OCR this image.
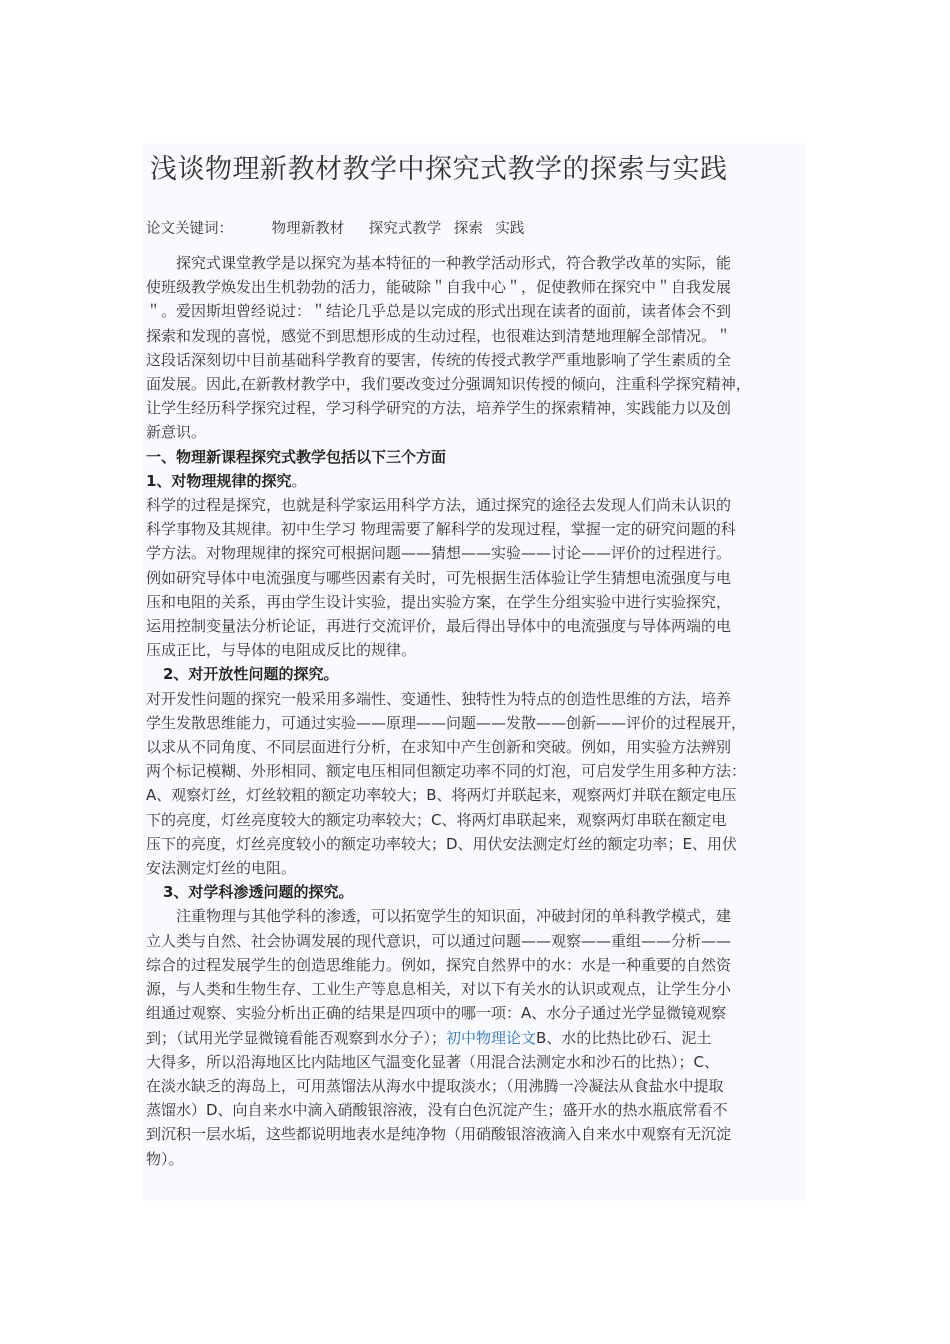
浅谈物理新教材教学中探究式教学的探索与实践
论文关键词：	物理新教材 探究式教学 探索 实践

　　探究式课堂教学是以探究为基本特征的一种教学活动形式，符合教学改革的实际，能
使班级教学焕发出生机勃勃的活力，能破除＂自我中心＂，促使教师在探究中＂自我发展
＂。爱因斯坦曾经说过：＂结论几乎总是以完成的形式出现在读者的面前，读者体会不到
探索和发现的喜悦，感觉不到思想形成的生动过程，也很难达到清楚地理解全部情况。＂
这段话深刻切中目前基础科学教育的要害，传统的传授式教学严重地影响了学生素质的全
面发展。因此,在新教材教学中，我们要改变过分强调知识传授的倾向，注重科学探究精神，
让学生经历科学探究过程，学习科学研究的方法，培养学生的探索精神，实践能力以及创
新意识。

一、物理新课程探究式教学包括以下三个方面
1、对物理规律的探究。

科学的过程是探究，也就是科学家运用科学方法，通过探究的途径去发现人们尚未认识的
科学事物及其规律。初中生学习 物理需要了解科学的发现过程，掌握一定的研究问题的科
学方法。对物理规律的探究可根据问题——猜想——实验——讨论——评价的过程进行。
例如研究导体中电流强度与哪些因素有关时，可先根据生活体验让学生猜想电流强度与电
压和电阻的关系，再由学生设计实验，提出实验方案，在学生分组实验中进行实验探究，
运用控制变量法分析论证，再进行交流评价，最后得出导体中的电流强度与导体两端的电
压成正比，与导体的电阻成反比的规律。

2、对开放性问题的探究。

对开发性问题的探究一般采用多端性、变通性、独特性为特点的创造性思维的方法，培养
学生发散思维能力，可通过实验——原理——问题——发散——创新——评价的过程展开，
以求从不同角度、不同层面进行分析，在求知中产生创新和突破。例如，用实验方法辨别
两个标记模糊、外形相同、额定电压相同但额定功率不同的灯泡，可启发学生用多种方法：
A、观察灯丝，灯丝较粗的额定功率较大；B、将两灯并联起来，观察两灯并联在额定电压
下的亮度，灯丝亮度较大的额定功率较大；C、将两灯串联起来，观察两灯串联在额定电
压下的亮度，灯丝亮度较小的额定功率较大；D、用伏安法测定灯丝的额定功率；E、用伏
安法测定灯丝的电阻。

3、对学科渗透问题的探究。

　　注重物理与其他学科的渗透，可以拓宽学生的知识面，冲破封闭的单科教学模式，建
立人类与自然、社会协调发展的现代意识，可以通过问题——观察——重组——分析——
综合的过程发展学生的创造思维能力。例如，探究自然界中的水：水是一种重要的自然资
源，与人类和生物生存、工业生产等息息相关，对以下有关水的认识或观点，让学生分小
组通过观察、实验分析出正确的结果是四项中的哪一项：A、水分子通过光学显微镜观察
到；（试用光学显微镜看能否观察到水分子）；初中物理论文B、水的比热比砂石、泥土
大得多，所以沿海地区比内陆地区气温变化显著（用混合法测定水和沙石的比热）；C、
在淡水缺乏的海岛上，可用蒸馏法从海水中提取淡水；（用沸腾一冷凝法从食盐水中提取
蒸馏水）D、向自来水中滴入硝酸银溶液，没有白色沉淀产生；盛开水的热水瓶底常看不
到沉积一层水垢，这些都说明地表水是纯净物（用硝酸银溶液滴入自来水中观察有无沉淀
物）。
